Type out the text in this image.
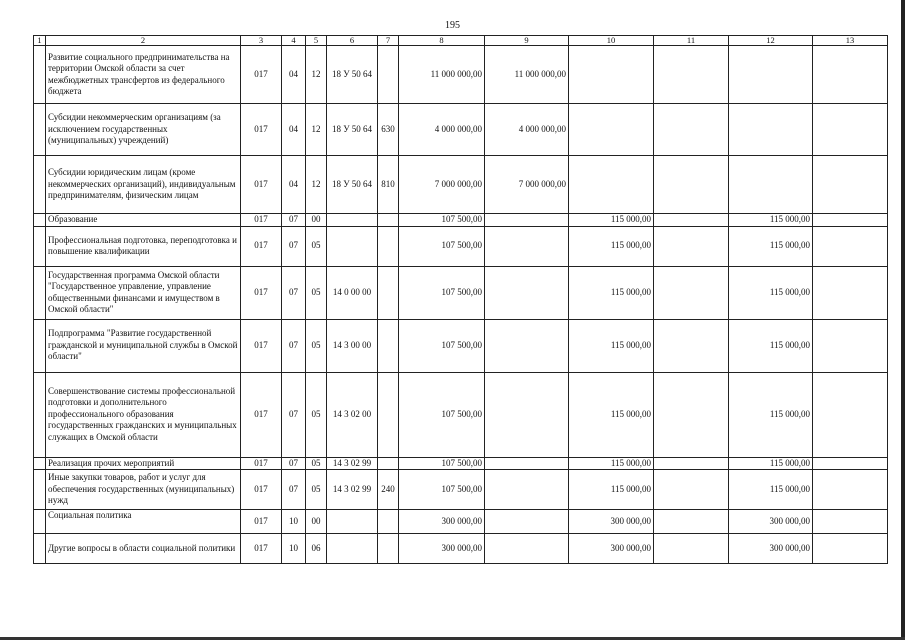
195
1	2	3	4	5	6	7	8	9	10	11	12	13
	Развитие социального предпринимательства на территории Омской области за счет межбюджетных трансфертов из федерального бюджета	017	04	12	18 У 50 64		11 000 000,00	11 000 000,00				
	Субсидии некоммерческим организациям (за исключением государственных (муниципальных) учреждений)	017	04	12	18 У 50 64	630	4 000 000,00	4 000 000,00				
	Субсидии юридическим лицам (кроме некоммерческих организаций), индивидуальным предпринимателям, физическим лицам	017	04	12	18 У 50 64	810	7 000 000,00	7 000 000,00				
	Образование	017	07	00			107 500,00		115 000,00		115 000,00	
	Профессиональная подготовка, переподготовка и повышение квалификации	017	07	05			107 500,00		115 000,00		115 000,00	
	Государственная программа Омской области "Государственное управление, управление общественными финансами и имуществом в Омской области"	017	07	05	14 0 00 00		107 500,00		115 000,00		115 000,00	
	Подпрограмма "Развитие государственной гражданской и муниципальной службы в Омской области"	017	07	05	14 3 00 00		107 500,00		115 000,00		115 000,00	
	Совершенствование системы профессиональной подготовки и дополнительного профессионального образования государственных гражданских и муниципальных служащих в Омской области	017	07	05	14 3 02 00		107 500,00		115 000,00		115 000,00	
	Реализация прочих мероприятий	017	07	05	14 3 02 99		107 500,00		115 000,00		115 000,00	
	Иные закупки товаров, работ и услуг для обеспечения государственных (муниципальных) нужд	017	07	05	14 3 02 99	240	107 500,00		115 000,00		115 000,00	
	Социальная политика	017	10	00			300 000,00		300 000,00		300 000,00	
	Другие вопросы в области социальной политики	017	10	06			300 000,00		300 000,00		300 000,00	
